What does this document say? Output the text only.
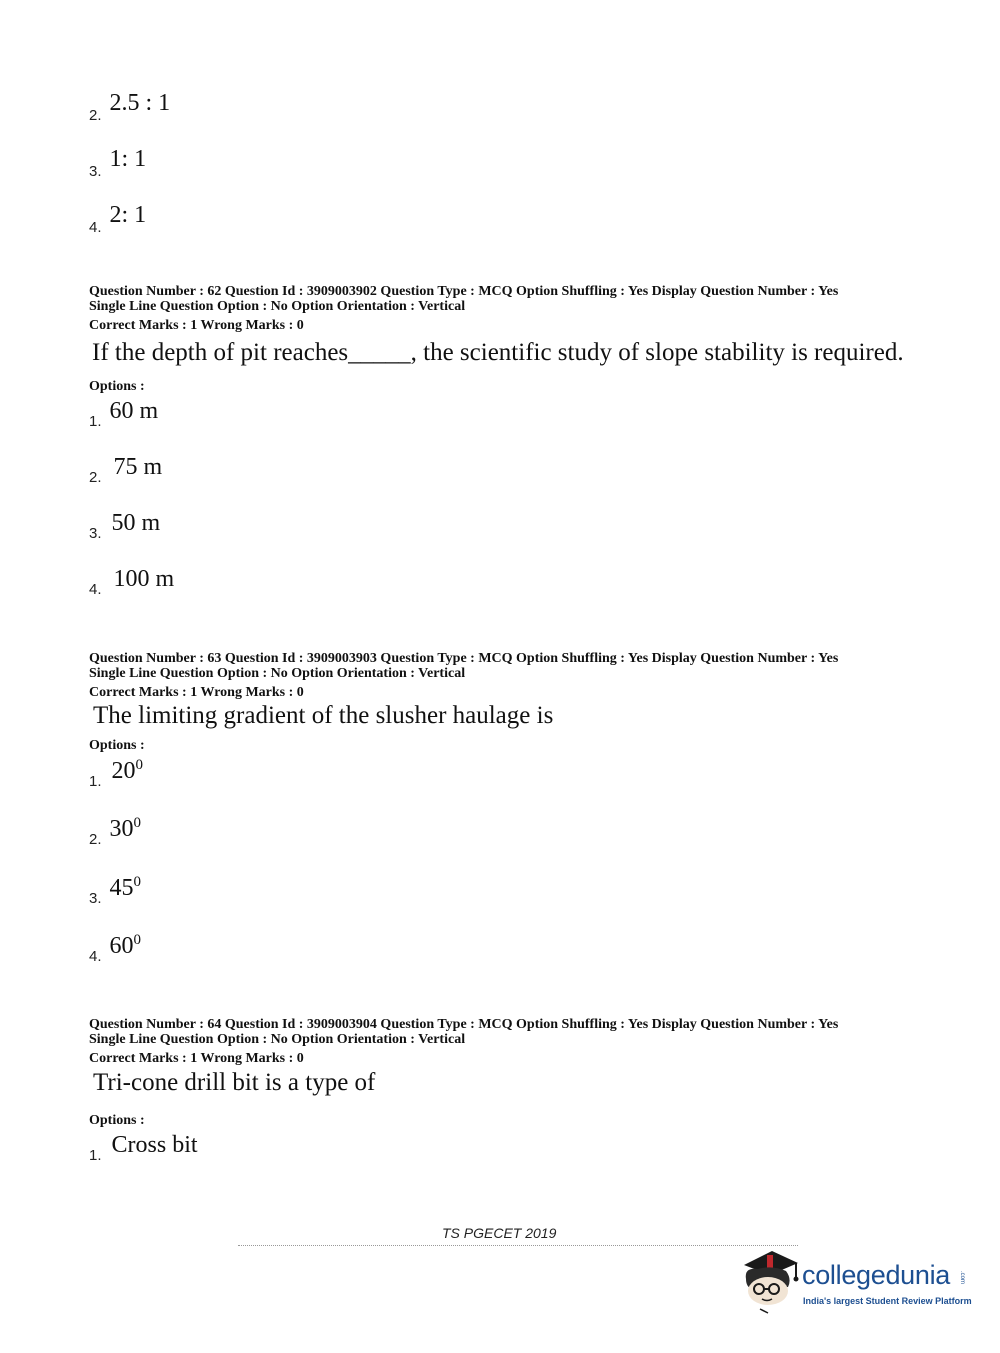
2. 2.5 : 1
3. 1: 1
4. 2: 1
Question Number : 62 Question Id : 3909003902 Question Type : MCQ Option Shuffling : Yes Display Question Number : Yes
Single Line Question Option : No Option Orientation : Vertical
Correct Marks : 1 Wrong Marks : 0
If the depth of pit reaches_____, the scientific study of slope stability is required.
Options :
1. 60 m
2. 75 m
3. 50 m
4. 100 m
Question Number : 63 Question Id : 3909003903 Question Type : MCQ Option Shuffling : Yes Display Question Number : Yes
Single Line Question Option : No Option Orientation : Vertical
Correct Marks : 1 Wrong Marks : 0
The limiting gradient of the slusher haulage is
Options :
1. $20^0$
2. $30^0$
3. $45^0$
4. $60^0$
Question Number : 64 Question Id : 3909003904 Question Type : MCQ Option Shuffling : Yes Display Question Number : Yes
Single Line Question Option : No Option Orientation : Vertical
Correct Marks : 1 Wrong Marks : 0
Tri-cone drill bit is a type of
Options :
1. Cross bit
TS PGECET 2019
collegedunia .com
India's largest Student Review Platform
